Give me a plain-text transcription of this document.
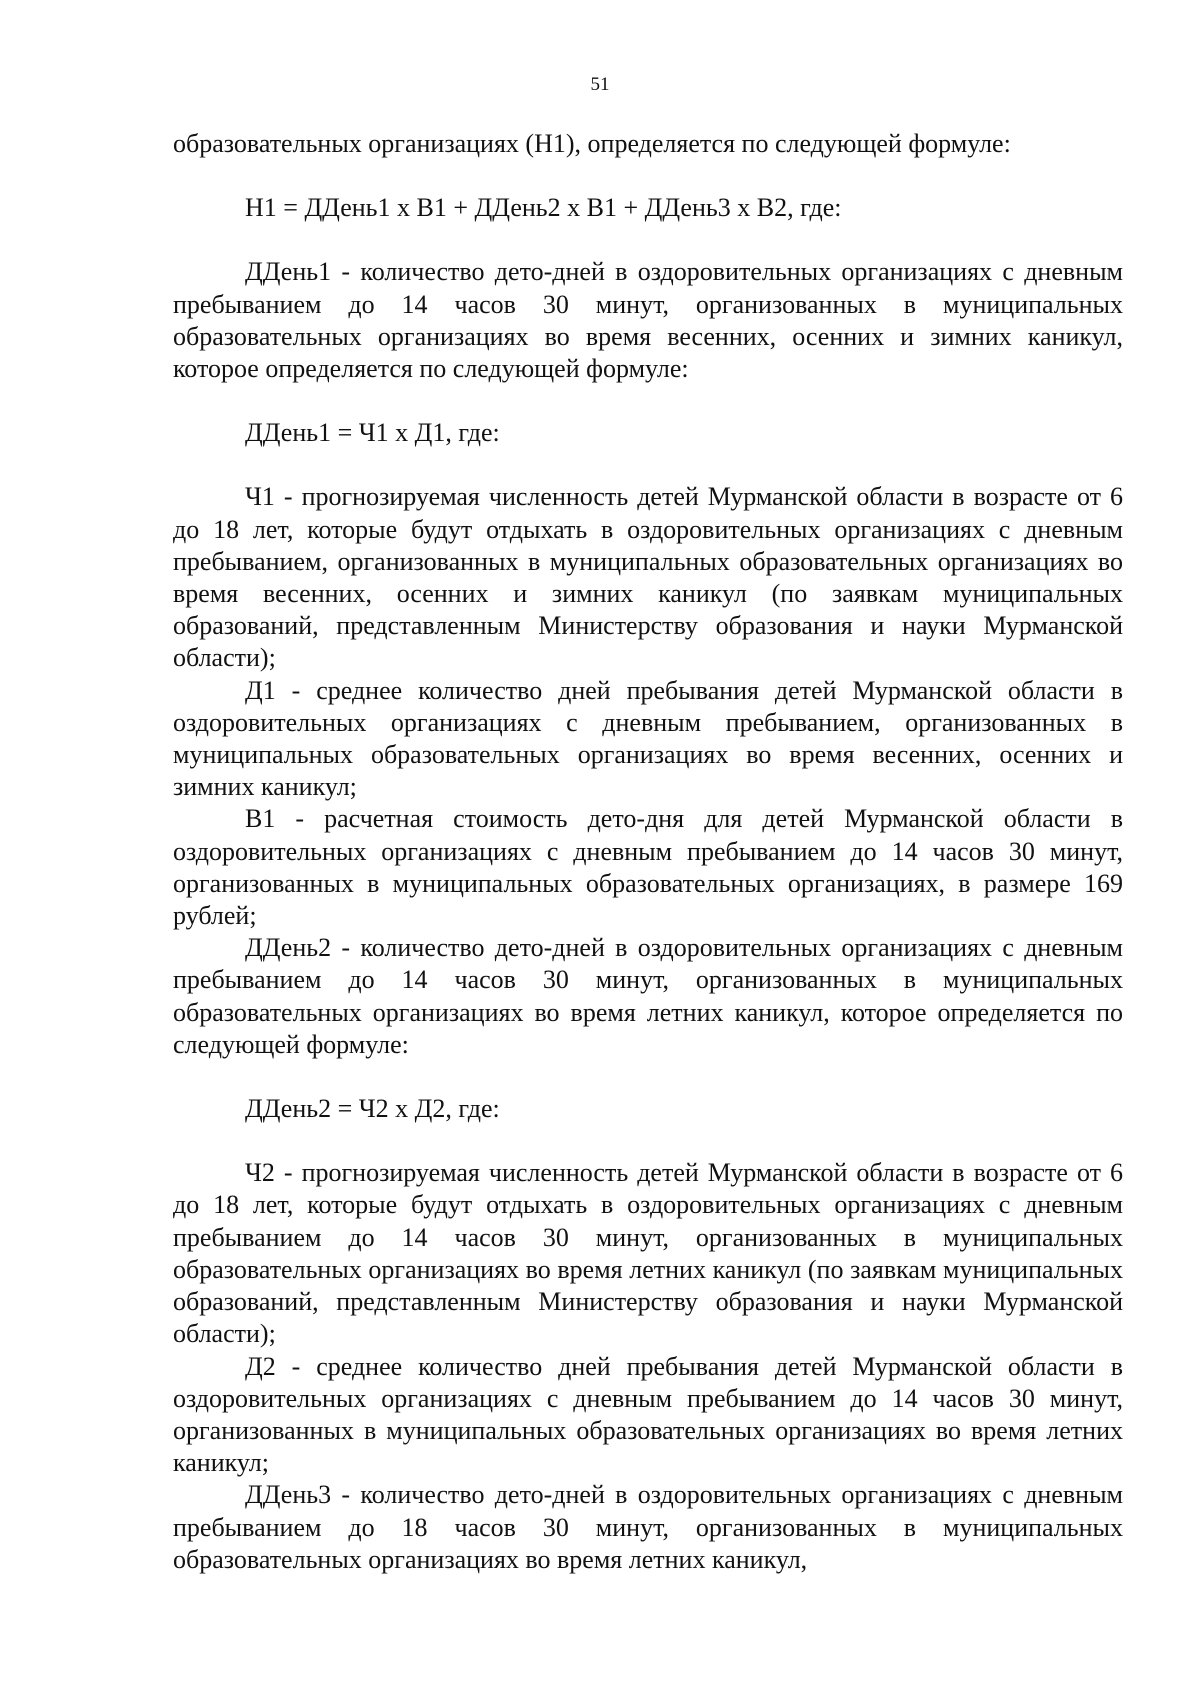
51

образовательных организациях (Н1), определяется по следующей формуле:

Н1 = ДДень1 х В1 + ДДень2 х В1 + ДДень3 х В2, где:

ДДень1 - количество дето-дней в оздоровительных организациях с дневным пребыванием до 14 часов 30 минут, организованных в муниципальных образовательных организациях во время весенних, осенних и зимних каникул, которое определяется по следующей формуле:

ДДень1 = Ч1 х Д1, где:

Ч1 - прогнозируемая численность детей Мурманской области в возрасте от 6 до 18 лет, которые будут отдыхать в оздоровительных организациях с дневным пребыванием, организованных в муниципальных образовательных организациях во время весенних, осенних и зимних каникул (по заявкам муниципальных образований, представленным Министерству образования и науки Мурманской области);

Д1 - среднее количество дней пребывания детей Мурманской области в оздоровительных организациях с дневным пребыванием, организованных в муниципальных образовательных организациях во время весенних, осенних и зимних каникул;

В1 - расчетная стоимость дето-дня для детей Мурманской области в оздоровительных организациях с дневным пребыванием до 14 часов 30 минут, организованных в муниципальных образовательных организациях, в размере 169 рублей;

ДДень2 - количество дето-дней в оздоровительных организациях с дневным пребыванием до 14 часов 30 минут, организованных в муниципальных образовательных организациях во время летних каникул, которое определяется по следующей формуле:

ДДень2 = Ч2 х Д2, где:

Ч2 - прогнозируемая численность детей Мурманской области в возрасте от 6 до 18 лет, которые будут отдыхать в оздоровительных организациях с дневным пребыванием до 14 часов 30 минут, организованных в муниципальных образовательных организациях во время летних каникул (по заявкам муниципальных образований, представленным Министерству образования и науки Мурманской области);

Д2 - среднее количество дней пребывания детей Мурманской области в оздоровительных организациях с дневным пребыванием до 14 часов 30 минут, организованных в муниципальных образовательных организациях во время летних каникул;

ДДень3 - количество дето-дней в оздоровительных организациях с дневным пребыванием до 18 часов 30 минут, организованных в муниципальных образовательных организациях во время летних каникул,
